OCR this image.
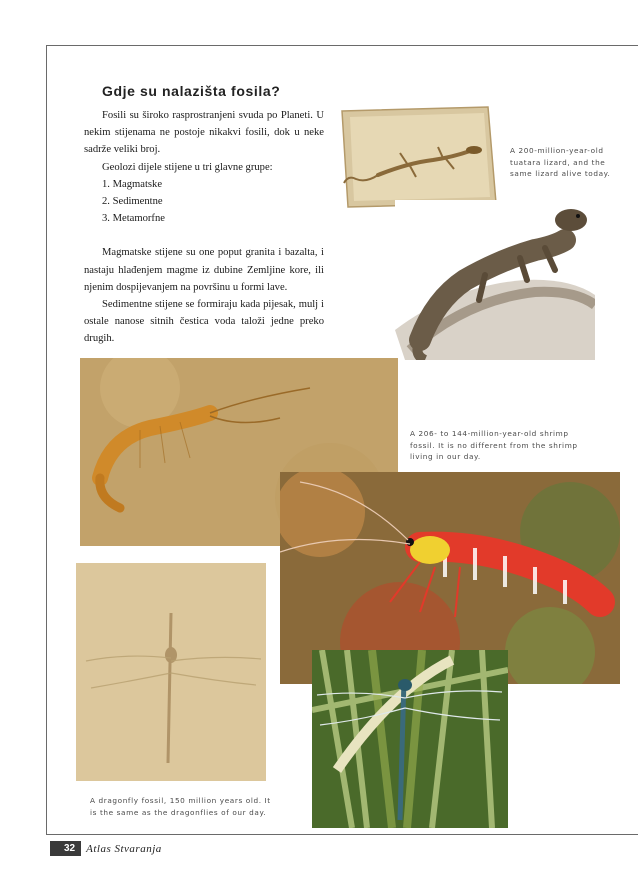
Gdje su nalazišta fosila?

Fosili su široko rasprostranjeni svuda po Planeti. U nekim stijenama ne postoje nikakvi fosili, dok u neke sadrže veliki broj.

Geolozi dijele stijene u tri glavne grupe:

1. Magmatske

2. Sedimentne

3. Metamorfne

Magmatske stijene su one poput granita i bazalta, i nastaju hlađenjem magme iz dubine Zemljine kore, ili njenim dospijevanjem na površinu u formi lave.

Sedimentne stijene se formiraju kada pijesak, mulj i ostale nanose sitnih čestica voda taloži jedne preko drugih.

A 200-million-year-old tuatara lizard, and the same lizard alive today.
A 206- to 144-million-year-old shrimp fossil. It is no different from the shrimp living in our day.
A dragonfly fossil, 150 million years old. It is the same as the dragonflies of our day.
32	Atlas Stvaranja
